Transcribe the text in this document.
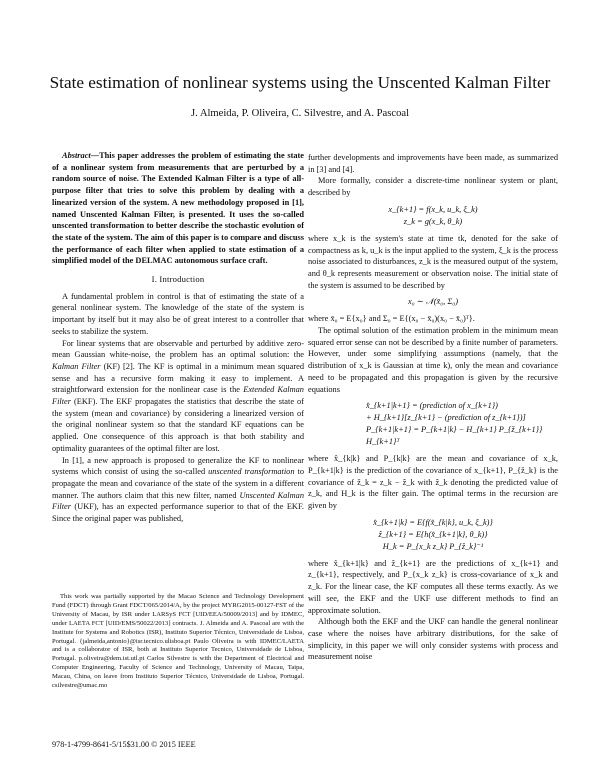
State estimation of nonlinear systems using the Unscented Kalman Filter
J. Almeida, P. Oliveira, C. Silvestre, and A. Pascoal

Abstract—This paper addresses the problem of estimating the state of a nonlinear system from measurements that are perturbed by a random source of noise. The Extended Kalman Filter is a type of all-purpose filter that tries to solve this problem by dealing with a linearized version of the system. A new methodology proposed in [1], named Unscented Kalman Filter, is presented. It uses the so-called unscented transformation to better describe the stochastic evolution of the state of the system. The aim of this paper is to compare and discuss the performance of each filter when applied to state estimation of a simplified model of the DELMAC autonomous surface craft.

I. Introduction

A fundamental problem in control is that of estimating the state of a general nonlinear system. The knowledge of the state of the system is important by itself but it may also be of great interest to a controller that seeks to stabilize the system.

For linear systems that are observable and perturbed by additive zero-mean Gaussian white-noise, the problem has an optimal solution: the Kalman Filter (KF) [2]. The KF is optimal in a minimum mean squared sense and has a recursive form making it easy to implement. A straightforward extension for the nonlinear case is the Extended Kalman Filter (EKF). The EKF propagates the statistics that describe the state of the system (mean and covariance) by considering a linearized version of the original nonlinear system so that the standard KF equations can be applied. One consequence of this approach is that both stability and optimality guarantees of the optimal filter are lost.

In [1], a new approach is proposed to generalize the KF to nonlinear systems which consist of using the so-called unscented transformation to propagate the mean and covariance of the state of the system in a different manner. The authors claim that this new filter, named Unscented Kalman Filter (UKF), has an expected performance superior to that of the EKF. Since the original paper was published,

This work was partially supported by the Macao Science and Technology Development Fund (FDCT) through Grant FDCT/065/2014/A, by the project MYRG2015-00127-FST of the University of Macau, by ISR under LARSyS FCT [UID/EEA/50009/2013] and by IDMEC, under LAETA FCT [UID/EMS/50022/2013] contracts. J. Almeida and A. Pascoal are with the Institute for Systems and Robotics (ISR), Instituto Superior Técnico, Universidade de Lisboa, Portugal. {jalmeida,antonio}@isr.tecnico.ulisboa.pt Paulo Oliveira is with IDMEC/LAETA and is a collaborator of ISR, both at Instituto Superior Tecnico, Universidade de Lisboa, Portugal. p.oliveira@dem.ist.utl.pt Carlos Silvestre is with the Department of Electrical and Computer Engineering, Faculty of Science and Technology, University of Macau, Taipa, Macau, China, on leave from Instituto Superior Técnico, Universidade de Lisboa, Portugal. csilvestre@umac.mo

978-1-4799-8641-5/15$31.00 © 2015 IEEE

further developments and improvements have been made, as summarized in [3] and [4].

More formally, consider a discrete-time nonlinear system or plant, described by

x_{k+1} = f(x_k, u_k, ξ_k)
z_k = g(x_k, θ_k)

where x_k is the system's state at time tk, denoted for the sake of compactness as k, u_k is the input applied to the system, ξ_k is the process noise associated to disturbances, z_k is the measured output of the system, and θ_k represents measurement or observation noise. The initial state of the system is assumed to be described by

x₀ ∼ 𝒩(x̄₀, Σ₀)

where x̄₀ = E{x₀} and Σ₀ = E{(x₀ − x̄₀)(x₀ − x̄₀)ᵀ}.

The optimal solution of the estimation problem in the minimum mean squared error sense can not be described by a finite number of parameters. However, under some simplifying assumptions (namely, that the distribution of x_k is Gaussian at time k), only the mean and covariance need to be propagated and this propagation is given by the recursive equations

x̂_{k+1|k+1} = (prediction of x_{k+1})
+ H_{k+1}[z_{k+1} − (prediction of z_{k+1})]
P_{k+1|k+1} = P_{k+1|k} − H_{k+1} P_{ž_{k+1}} H_{k+1}ᵀ

where x̂_{k|k} and P_{k|k} are the mean and covariance of x_k, P_{k+1|k} is the prediction of the covariance of x_{k+1}, P_{ž_k} is the covariance of ž_k = z_k − ẑ_k with ẑ_k denoting the predicted value of z_k, and H_k is the filter gain. The optimal terms in the recursion are given by

x̂_{k+1|k} = E{f(x̂_{k|k}, u_k, ξ_k)}
ẑ_{k+1} = E{h(x̂_{k+1|k}, θ_k)}
H_k = P_{x_k z_k} P_{ž_k}⁻¹

where x̂_{k+1|k} and ẑ_{k+1} are the predictions of x_{k+1} and z_{k+1}, respectively, and P_{x_k z_k} is cross-covariance of x_k and z_k. For the linear case, the KF computes all these terms exactly. As we will see, the EKF and the UKF use different methods to find an approximate solution.

Although both the EKF and the UKF can handle the general nonlinear case where the noises have arbitrary distributions, for the sake of simplicity, in this paper we will only consider systems with process and measurement noise
